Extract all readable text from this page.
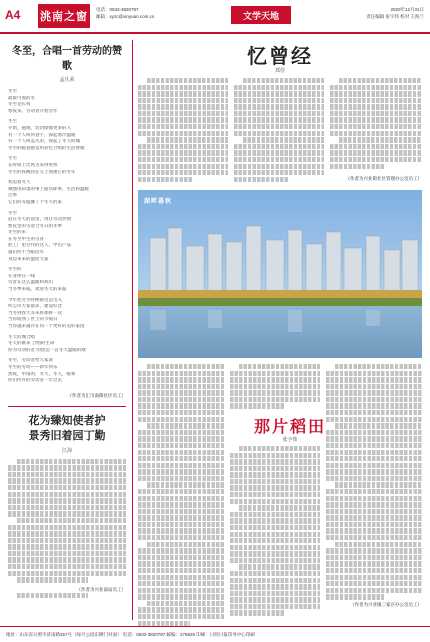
A4 洮南之窗
电话：0633-3820797
邮箱：xyzc@xinyuan.com.cn	文学天地
2020年12月31日
责任编辑 张宇炜 校对 王海兰
冬至，合唱一首劳动的赞歌
孟凡荣
冬至
最最可爱的冬
冬至是长夜
寒夜来，劳动者开始劳作
冬至
开始，拖地，切切擦擦更多的人
有一个人叫何登宇，撑起寒冷温暖
有一个人叫孟凡荣，撑起了冬天的城
冬至的暖意感觉用彩色合唱的生活赞歌
冬至
在时间上比风雪来得更快
冬至的夜晚同在雪上加重它的冬年
我追着冬天
顽强用彩墨的事上面伤即事，生活和温暖
过事
它们的等温馨了个冬天的家
冬至
赶在冬天的前里，再让劳动热情
繁花里的雪迎合冬日的冬季
冬至的来
在冬至中生的雪背
把工厂里劳作的这人，中出产品
越山河不当眼泪水
身边来来的温度大家
冬至的
在身体在一线
劳者在这么温暖和我们
当冬季来临，欢迎冬天的来临
今年把冬至时候接这是出入
所公司大家都多，建设好比
当冬到春天等来将那鲜一次
当你成熟了世上的节假日
当你越来越冷在同一个更好的美好家园
冬天的城合唱
冬天的歌来 合唱的生命
你为劳动的者 的创造一首冬天温暖的歌
冬至，劳动者给大家说
冬至的劳动——新年快乐
黑夜，中南的，冬天，冬天，暖和
你们所有的劳动者一年过去
（作者为汇川南街社区员工）
花为臻知使者护
景秀旧着园丁勤
江海
（作者为兴业南站员工）
忆曾经
郑佳
（作者为兴业街社区管理办公室员工）
湖畔暮秋
那片稻田
张宇炜
（作者为兴业镇三家庄办公室员工）
地址：山东省日照市济南路257号（绿月公园东侧门对面） 电话：0633-3820797 邮编：276826 印刷：日照日报印务中心印刷
